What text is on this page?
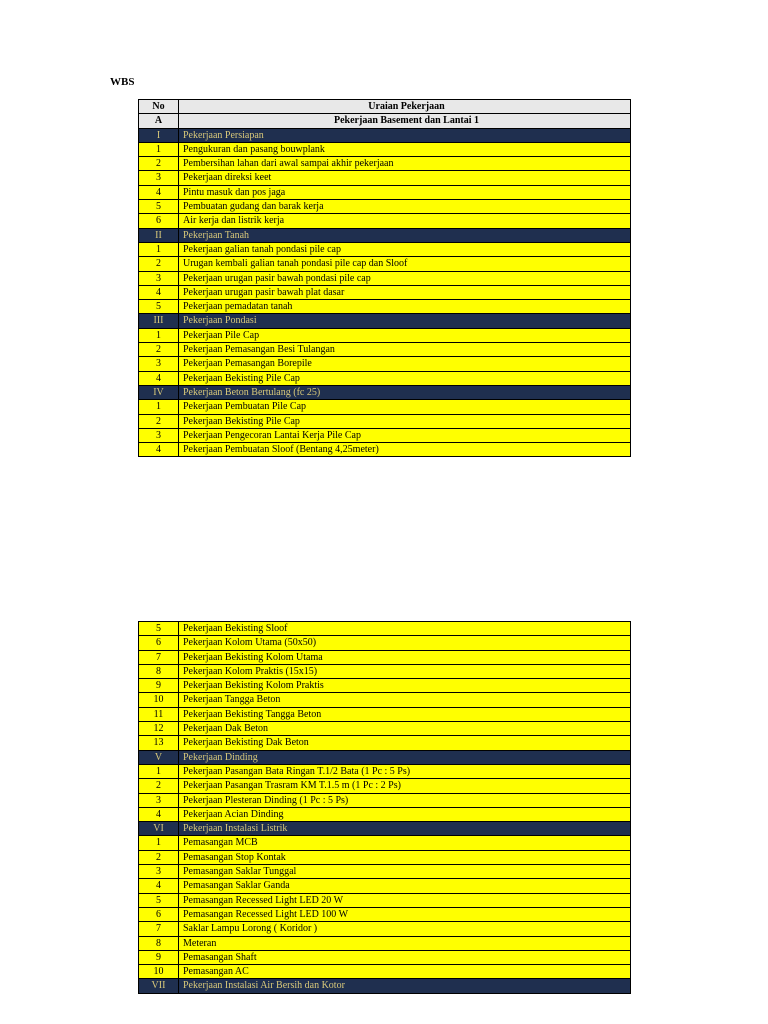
WBS
No	Uraian Pekerjaan
A	Pekerjaan Basement dan Lantai 1
I	Pekerjaan Persiapan
1	Pengukuran dan pasang bouwplank
2	Pembersihan lahan dari awal sampai akhir pekerjaan
3	Pekerjaan direksi keet
4	Pintu masuk dan pos jaga
5	Pembuatan gudang dan barak kerja
6	Air kerja dan listrik kerja
II	Pekerjaan Tanah
1	Pekerjaan galian tanah pondasi pile cap
2	Urugan kembali galian tanah pondasi pile cap dan Sloof
3	Pekerjaan urugan pasir bawah pondasi pile cap
4	Pekerjaan urugan pasir bawah plat dasar
5	Pekerjaan pemadatan tanah
III	Pekerjaan Pondasi
1	Pekerjaan Pile Cap
2	Pekerjaan Pemasangan Besi Tulangan
3	Pekerjaan Pemasangan Borepile
4	Pekerjaan Bekisting Pile Cap
IV	Pekerjaan Beton Bertulang (fc 25)
1	Pekerjaan Pembuatan Pile Cap
2	Pekerjaan Bekisting Pile Cap
3	Pekerjaan Pengecoran Lantai Kerja Pile Cap
4	Pekerjaan Pembuatan Sloof (Bentang 4,25meter)
5	Pekerjaan Bekisting Sloof
6	Pekerjaan Kolom Utama (50x50)
7	Pekerjaan Bekisting Kolom Utama
8	Pekerjaan Kolom Praktis (15x15)
9	Pekerjaan Bekisting Kolom Praktis
10	Pekerjaan Tangga Beton
11	Pekerjaan Bekisting Tangga Beton
12	Pekerjaan Dak Beton
13	Pekerjaan Bekisting Dak Beton
V	Pekerjaan Dinding
1	Pekerjaan Pasangan Bata Ringan T.1/2 Bata (1 Pc : 5 Ps)
2	Pekerjaan Pasangan Trasram KM T.1.5 m (1 Pc : 2 Ps)
3	Pekerjaan Plesteran Dinding (1 Pc : 5 Ps)
4	Pekerjaan Acian Dinding
VI	Pekerjaan Instalasi Listrik
1	Pemasangan MCB
2	Pemasangan Stop Kontak
3	Pemasangan Saklar Tunggal
4	Pemasangan Saklar Ganda
5	Pemasangan Recessed Light LED 20 W
6	Pemasangan Recessed Light LED 100 W
7	Saklar Lampu Lorong ( Koridor )
8	Meteran
9	Pemasangan Shaft
10	Pemasangan AC
VII	Pekerjaan Instalasi Air Bersih dan Kotor
